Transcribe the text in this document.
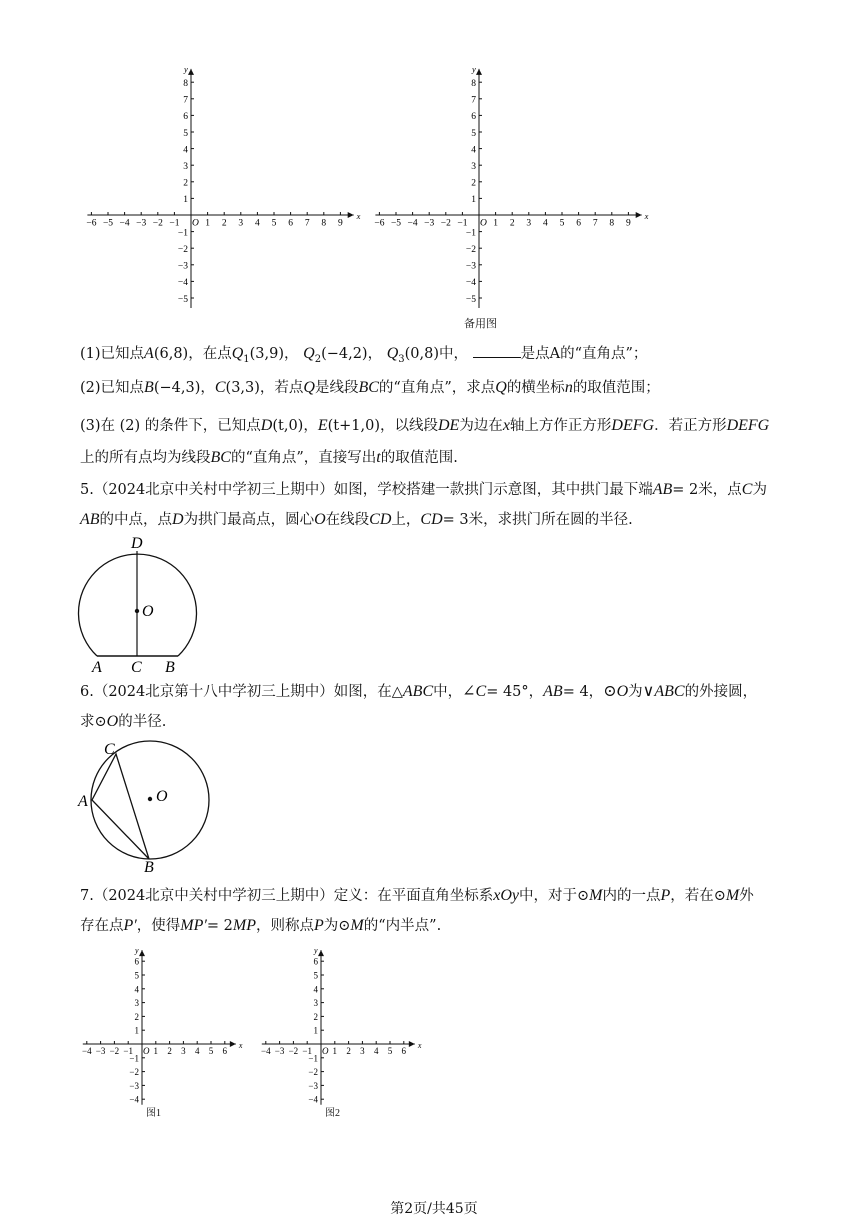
x
y
O
−6 −5 −4 −3 −2 −1	1 2 3 4 5 6 7 8 9
8
7
6
5
4
3
2
1
−1
−2
−3
−4
−5
x
y
O
−6 −5 −4 −3 −2 −1	1 2 3 4 5 6 7 8 9
8
7
6
5
4
3
2
1
−1
−2
−3
−4
−5
备用图
(1)已知点A(6,8)，在点$Q_1(3,9)$， $Q_2(-4,2)$， $Q_3(0,8)$中，	是点A的“直角点”；
(2)已知点B(−4,3)，C(3,3)，若点Q是线段BC的“直角点”，求点Q的横坐标n的取值范围；
(3)在 (2) 的条件下，已知点D(t,0)，E(t+1,0)，以线段DE为边在x轴上方作正方形DEFG．若正方形DEFG
上的所有点均为线段BC的“直角点”，直接写出t的取值范围.
5.（2024北京中关村中学初三上期中）如图，学校搭建一款拱门示意图，其中拱门最下端AB= 2米，点C为
AB的中点，点D为拱门最高点，圆心O在线段CD上，CD= 3米，求拱门所在圆的半径.
D
O
A C B
6.（2024北京第十八中学初三上期中）如图，在△ABC中，∠C= 45°，AB= 4，⊙O为∨ABC的外接圆，
求⊙O的半径.
C
A	O
B
7.（2024北京中关村中学初三上期中）定义：在平面直角坐标系xOy中，对于⊙M内的一点P，若在⊙M外
存在点P′，使得MP′= 2MP，则称点P为⊙M的“内半点”.
x
y
O
−4 −3 −2 −1 1 2 3 4 5 6
6
5
4
3
2
1
−1
−2
−3
−4
图1
x
y
O
−4 −3 −2 −1 1 2 3 4 5 6
6
5
4
3
2
1
−1
−2
−3
−4
图2
第2页/共45页
